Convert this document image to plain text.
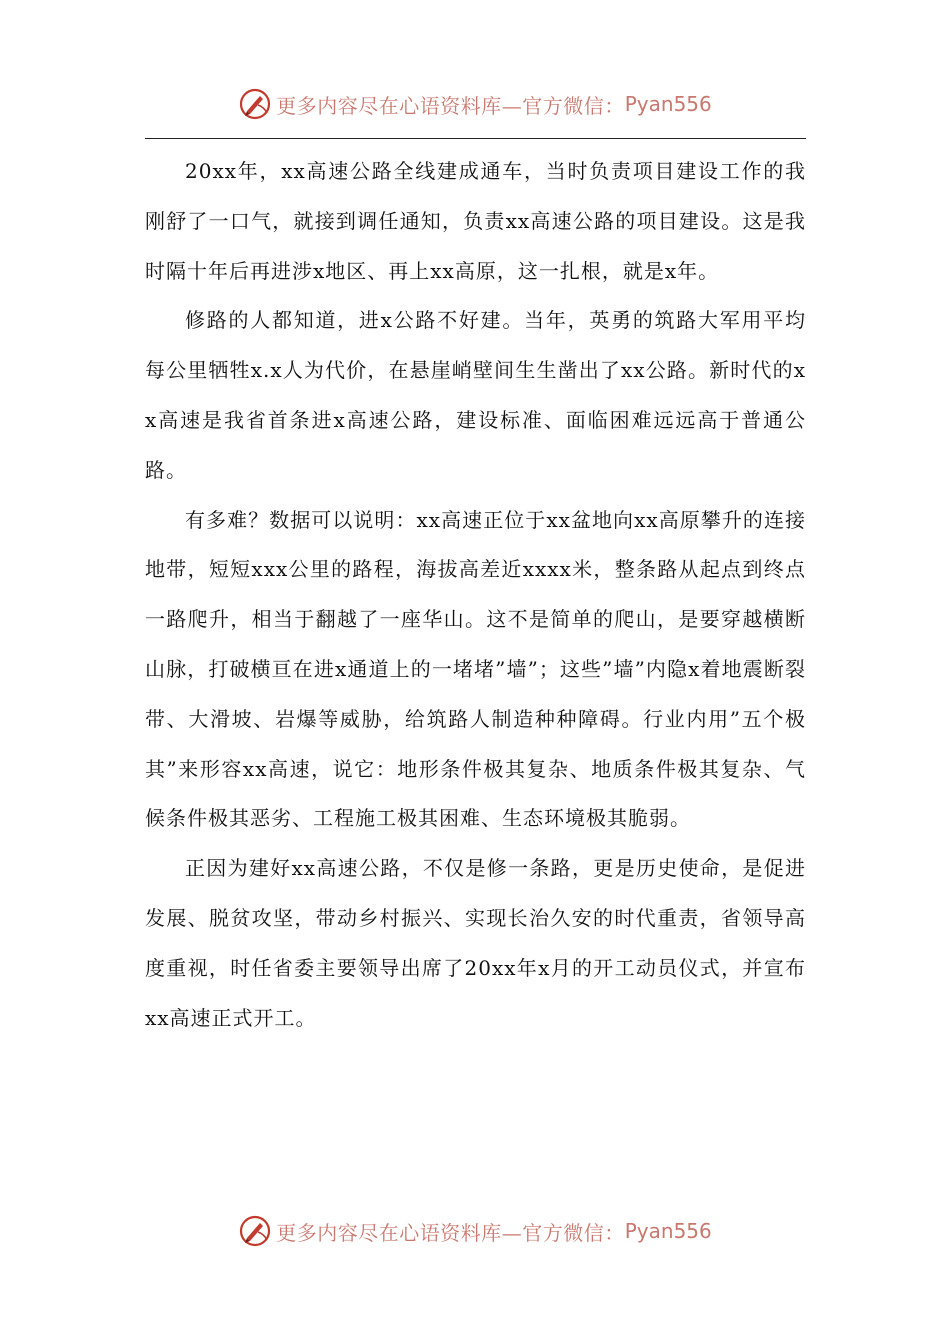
更多内容尽在心语资料库—官方微信： Pyan556

20xx年，xx高速公路全线建成通车，当时负责项目建设工作的我刚舒了一口气，就接到调任通知，负责xx高速公路的项目建设。这是我时隔十年后再进涉x地区、再上xx高原，这一扎根，就是x年。

修路的人都知道，进x公路不好建。当年，英勇的筑路大军用平均每公里牺牲x.x人为代价，在悬崖峭壁间生生凿出了xx公路。新时代的xx高速是我省首条进x高速公路，建设标准、面临困难远远高于普通公路。

有多难？数据可以说明：xx高速正位于xx盆地向xx高原攀升的连接地带，短短xxx公里的路程，海拔高差近xxxx米，整条路从起点到终点一路爬升，相当于翻越了一座华山。这不是简单的爬山，是要穿越横断山脉，打破横亘在进x通道上的一堵堵”墙”；这些”墙”内隐x着地震断裂带、大滑坡、岩爆等威胁，给筑路人制造种种障碍。行业内用”五个极其”来形容xx高速，说它：地形条件极其复杂、地质条件极其复杂、气候条件极其恶劣、工程施工极其困难、生态环境极其脆弱。

正因为建好xx高速公路，不仅是修一条路，更是历史使命，是促进发展、脱贫攻坚，带动乡村振兴、实现长治久安的时代重责，省领导高度重视，时任省委主要领导出席了20xx年x月的开工动员仪式，并宣布xx高速正式开工。

更多内容尽在心语资料库—官方微信： Pyan556
